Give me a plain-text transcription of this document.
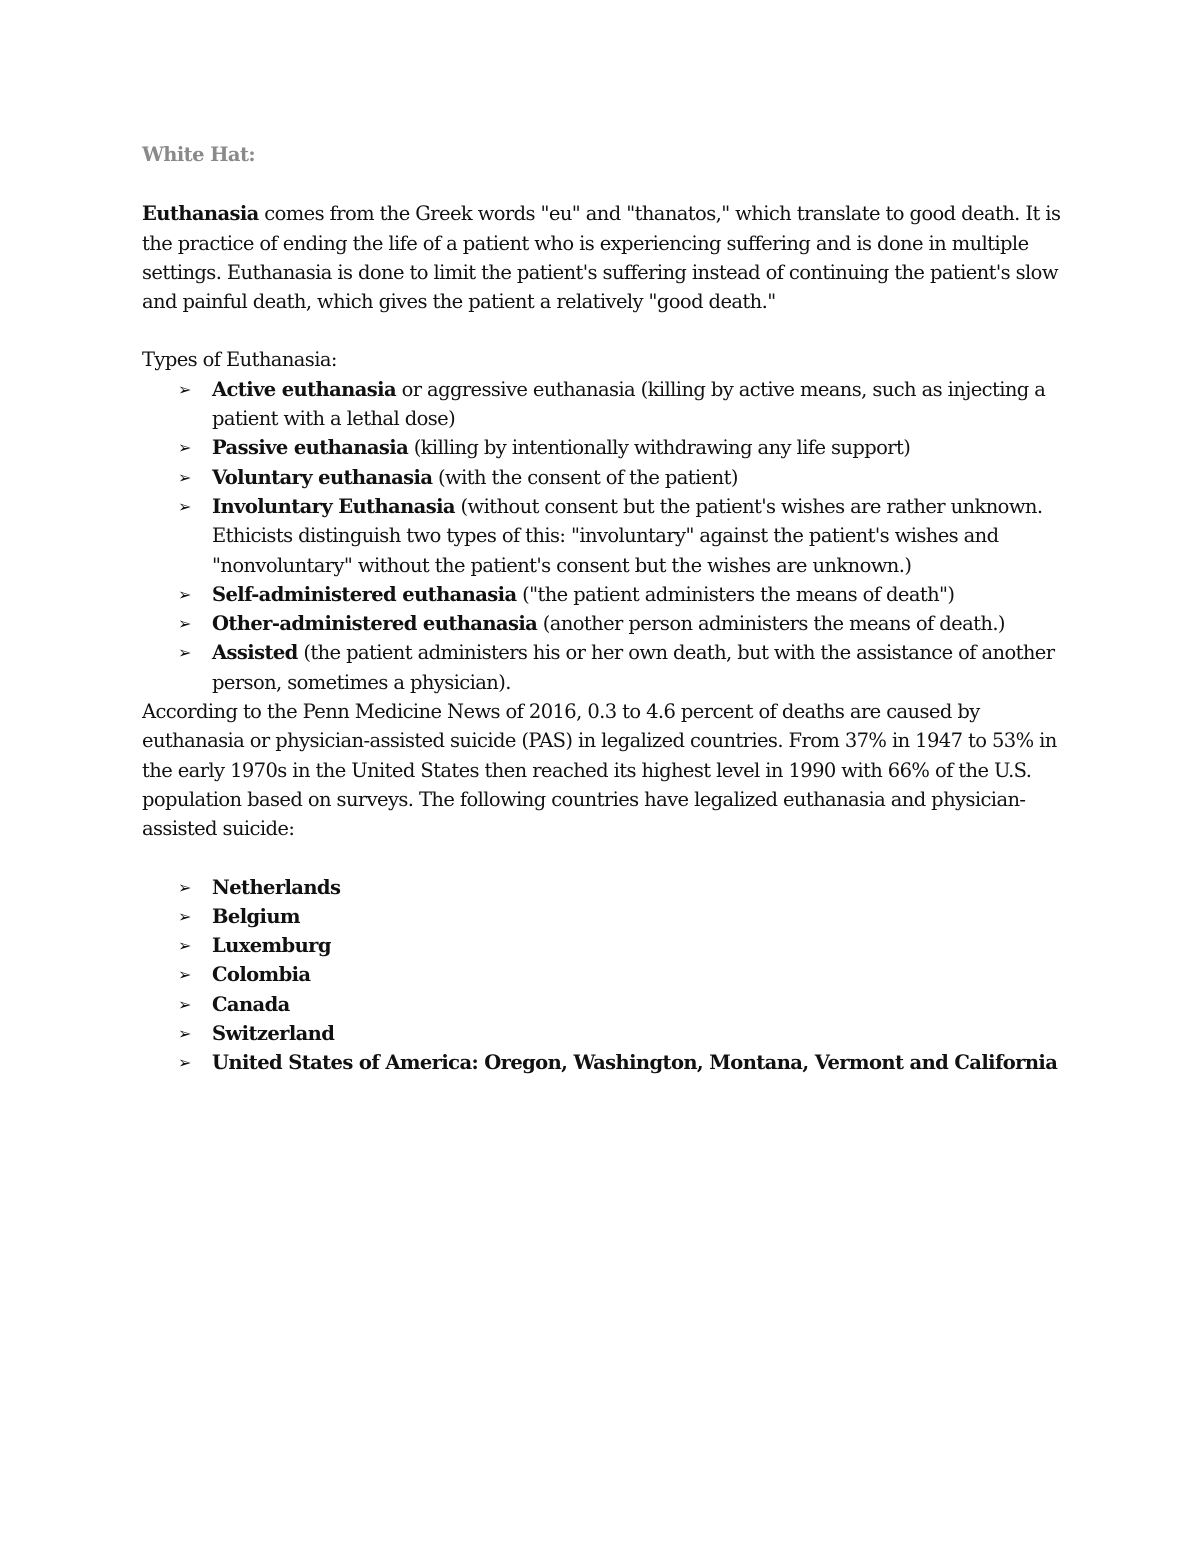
White Hat:

Euthanasia comes from the Greek words "eu" and "thanatos," which translate to good death. It is the practice of ending the life of a patient who is experiencing suffering and is done in multiple settings. Euthanasia is done to limit the patient's suffering instead of continuing the patient's slow and painful death, which gives the patient a relatively "good death."

Types of Euthanasia:

➢ Active euthanasia or aggressive euthanasia (killing by active means, such as injecting a patient with a lethal dose)
➢ Passive euthanasia (killing by intentionally withdrawing any life support)
➢ Voluntary euthanasia (with the consent of the patient)
➢ Involuntary Euthanasia (without consent but the patient's wishes are rather unknown. Ethicists distinguish two types of this: "involuntary" against the patient's wishes and "nonvoluntary" without the patient's consent but the wishes are unknown.)
➢ Self-administered euthanasia ("the patient administers the means of death")
➢ Other-administered euthanasia (another person administers the means of death.)
➢ Assisted (the patient administers his or her own death, but with the assistance of another person, sometimes a physician).

According to the Penn Medicine News of 2016, 0.3 to 4.6 percent of deaths are caused by euthanasia or physician-assisted suicide (PAS) in legalized countries. From 37% in 1947 to 53% in the early 1970s in the United States then reached its highest level in 1990 with 66% of the U.S. population based on surveys. The following countries have legalized euthanasia and physician-assisted suicide:

➢ Netherlands
➢ Belgium
➢ Luxemburg
➢ Colombia
➢ Canada
➢ Switzerland
➢ United States of America: Oregon, Washington, Montana, Vermont and California
